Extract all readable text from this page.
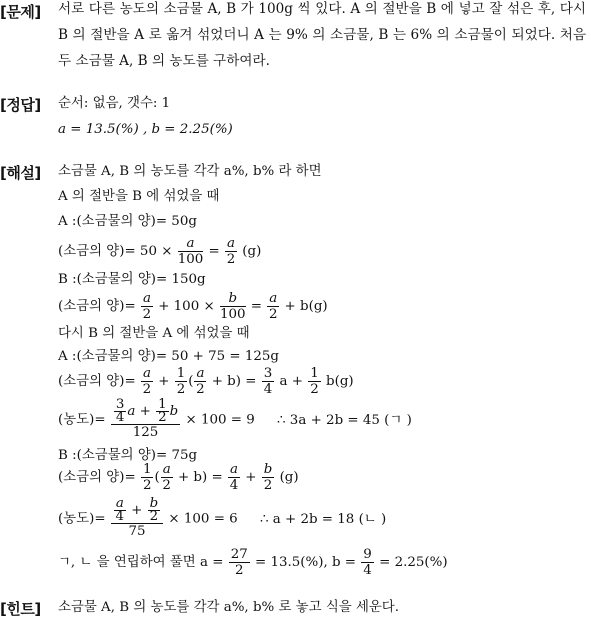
[문제] 서로 다른 농도의 소금물 A, B 가 100g 씩 있다. A 의 절반을 B 에 넣고 잘 섞은 후, 다시 B 의 절반을 A 로 옮겨 섞었더니 A 는 9% 의 소금물, B 는 6% 의 소금물이 되었다. 처음 두 소금물 A, B 의 농도를 구하여라.
[정답] 순서: 없음, 갯수: 1
a = 13.5(%) , b = 2.25(%)
[해설] 소금물 A, B 의 농도를 각각 a%, b% 라 하면
A 의 절반을 B 에 섞었을 때
A :(소금물의 양)= 50g
(소금의 양)= $50 \times \frac{a}{100} = \frac{a}{2} (g)$
B :(소금물의 양)= 150g
(소금의 양)= $\frac{a}{2} + 100 \times \frac{b}{100} = \frac{a}{2} + b(g)$
다시 B 의 절반을 A 에 섞었을 때
A :(소금물의 양)= 50 + 75 = 125g
(소금의 양)= $\frac{a}{2} + \frac{1}{2}$ ( $\frac{a}{2} + b) = \frac{3}{4}$ $a + \frac{1}{2} b(g)$
(농도)= $\frac{\frac{3}{4} a + \frac{1}{2} b}{125} \times 100 = 9$ ∴ 3a + 2b = 45 (ㄱ )
B :(소금물의 양)= 75g
(소금의 양)= $\frac{1}{2}$ ( $\frac{a}{2} + b) = \frac{a}{4} + \frac{b}{2} (g)$
(농도)= $\frac{\frac{a}{4} + \frac{b}{2}}{75} \times 100 = 6$ ∴ a + 2b = 18 (ㄴ )
ㄱ, ㄴ 을 연립하여 풀면 $a = \frac{27}{2} = 13.5(\%)$, $b = \frac{9}{4} = 2.25(\%)$
[힌트] 소금물 A, B 의 농도를 각각 a%, b% 로 놓고 식을 세운다.
